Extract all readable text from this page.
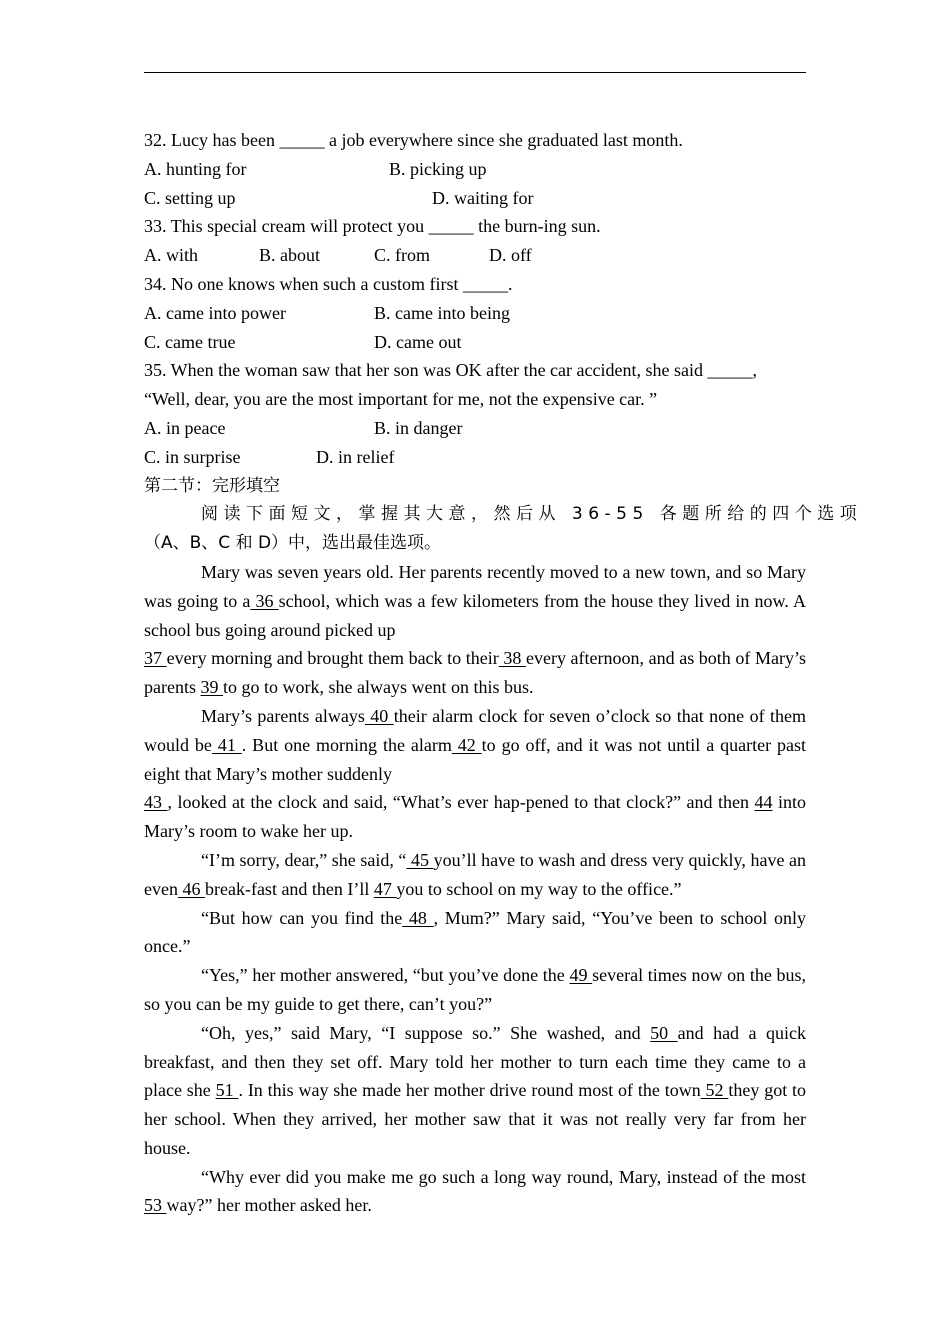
32. Lucy has been _____ a job everywhere since she graduated last month.
A. hunting for	B. picking up
C. setting up	D. waiting for
33. This special cream will protect you _____ the burn-ing sun.
A. with	B. about	C. from	D. off
34. No one knows when such a custom first _____.
A. came into power	B. came into being
C. came true	D. came out
35. When the woman saw that her son was OK after the car accident, she said _____,
“Well, dear, you are the most important for me, not the expensive car. ”
A. in peace	B. in danger
C. in surprise	D. in relief
第二节：完形填空
阅读下面短文，掌握其大意，然后从 36-55 各题所给的四个选项
（A、B、C 和 D）中，选出最佳选项。

Mary was seven years old. Her parents recently moved to a new town, and so Mary was going to a 36 school, which was a few kilometers from the house they lived in now. A school bus going around picked up
37 every morning and brought them back to their 38 every afternoon, and as both of Mary’s parents 39 to go to work, she always went on this bus.

Mary’s parents always 40 their alarm clock for seven o’clock so that none of them would be 41 . But one morning the alarm 42 to go off, and it was not until a quarter past eight that Mary’s mother suddenly
43 , looked at the clock and said, “What’s ever hap-pened to that clock?” and then 44 into Mary’s room to wake her up.

“I’m sorry, dear,” she said, “ 45 you’ll have to wash and dress very quickly, have an even 46 break-fast and then I’ll 47 you to school on my way to the office.”

“But how can you find the 48 , Mum?” Mary said, “You’ve been to school only once.”

“Yes,” her mother answered, “but you’ve done the 49 several times now on the bus, so you can be my guide to get there, can’t you?”

“Oh, yes,” said Mary, “I suppose so.” She washed, and 50 and had a quick breakfast, and then they set off. Mary told her mother to turn each time they came to a place she 51 . In this way she made her mother drive round most of the town 52 they got to her school. When they arrived, her mother saw that it was not really very far from her house.

“Why ever did you make me go such a long way round, Mary, instead of the most 53 way?” her mother asked her.
